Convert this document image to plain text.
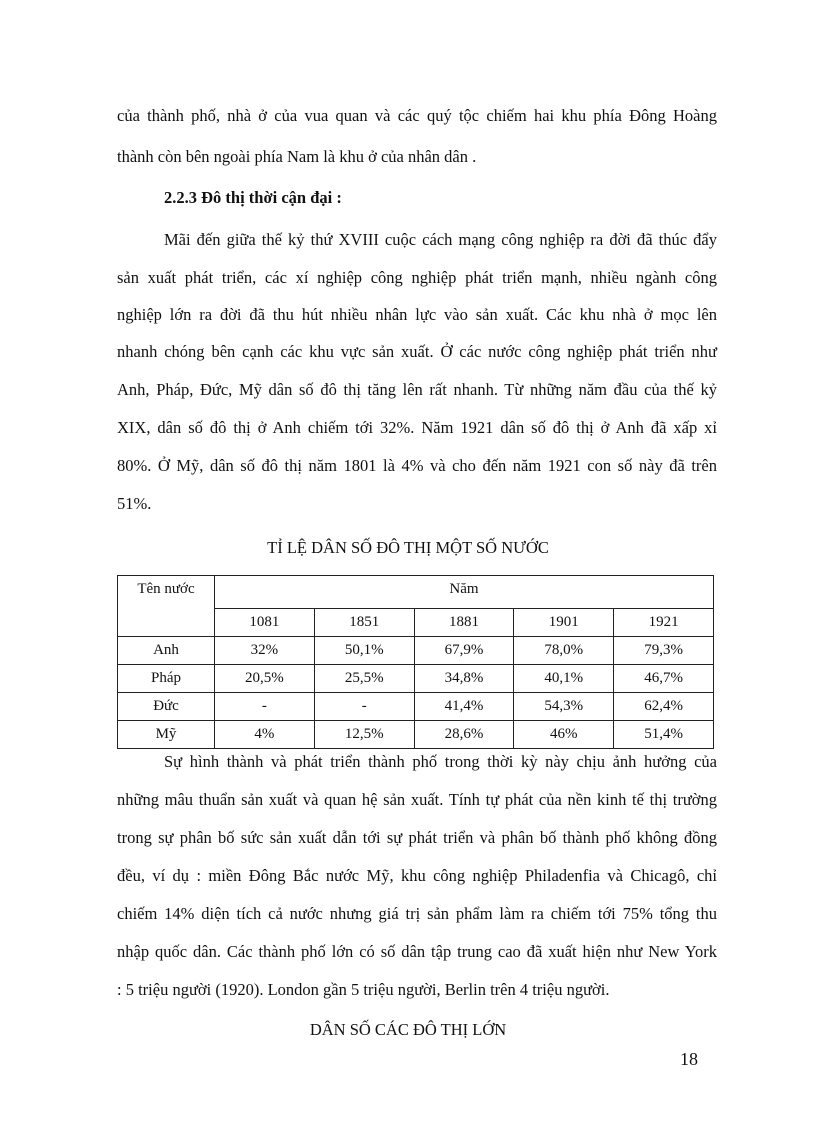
của thành phố, nhà ở của vua quan và các quý tộc chiếm hai khu phía Đông Hoàng
thành còn bên ngoài phía Nam là khu ở của nhân dân .
2.2.3 Đô thị thời cận đại :
Mãi đến giữa thế kỷ thứ XVIII cuộc cách mạng công nghiệp ra đời đã thúc đẩy
sản xuất phát triển, các xí nghiệp công nghiệp phát triển mạnh, nhiều ngành công
nghiệp lớn ra đời đã thu hút nhiều nhân lực vào sản xuất. Các khu nhà ở mọc lên
nhanh chóng bên cạnh các khu vực sản xuất. Ở các nước công nghiệp phát triển như
Anh, Pháp, Đức, Mỹ dân số đô thị tăng lên rất nhanh. Từ những năm đầu của thế kỷ
XIX, dân số đô thị ở Anh chiếm tới 32%. Năm 1921 dân số đô thị ở Anh đã xấp xỉ
80%. Ở Mỹ, dân số đô thị năm 1801 là 4% và cho đến năm 1921 con số này đã trên
51%.
TỈ LỆ DÂN SỐ ĐÔ THỊ MỘT SỐ NƯỚC
Tên nước	Năm				
	1081	1851	1881	1901	1921
Anh	32%	50,1%	67,9%	78,0%	79,3%
Pháp	20,5%	25,5%	34,8%	40,1%	46,7%
Đức	-	-	41,4%	54,3%	62,4%
Mỹ	4%	12,5%	28,6%	46%	51,4%
Sự hình thành và phát triển thành phố trong thời kỳ này chịu ảnh hưởng của
những mâu thuẩn sản xuất và quan hệ sản xuất. Tính tự phát của nền kinh tế thị trường
trong sự phân bố sức sản xuất dẫn tới sự phát triển và phân bố thành phố không đồng
đều, ví dụ : miền Đông Bắc nước Mỹ, khu công nghiệp Philadenfia và Chicagô, chỉ
chiếm 14% diện tích cả nước nhưng giá trị sản phẩm làm ra chiếm tới 75% tổng thu
nhập quốc dân. Các thành phố lớn có số dân tập trung cao đã xuất hiện như New York
: 5 triệu người (1920). London gần 5 triệu người, Berlin trên 4 triệu người.
DÂN SỐ CÁC ĐÔ THỊ LỚN
18
